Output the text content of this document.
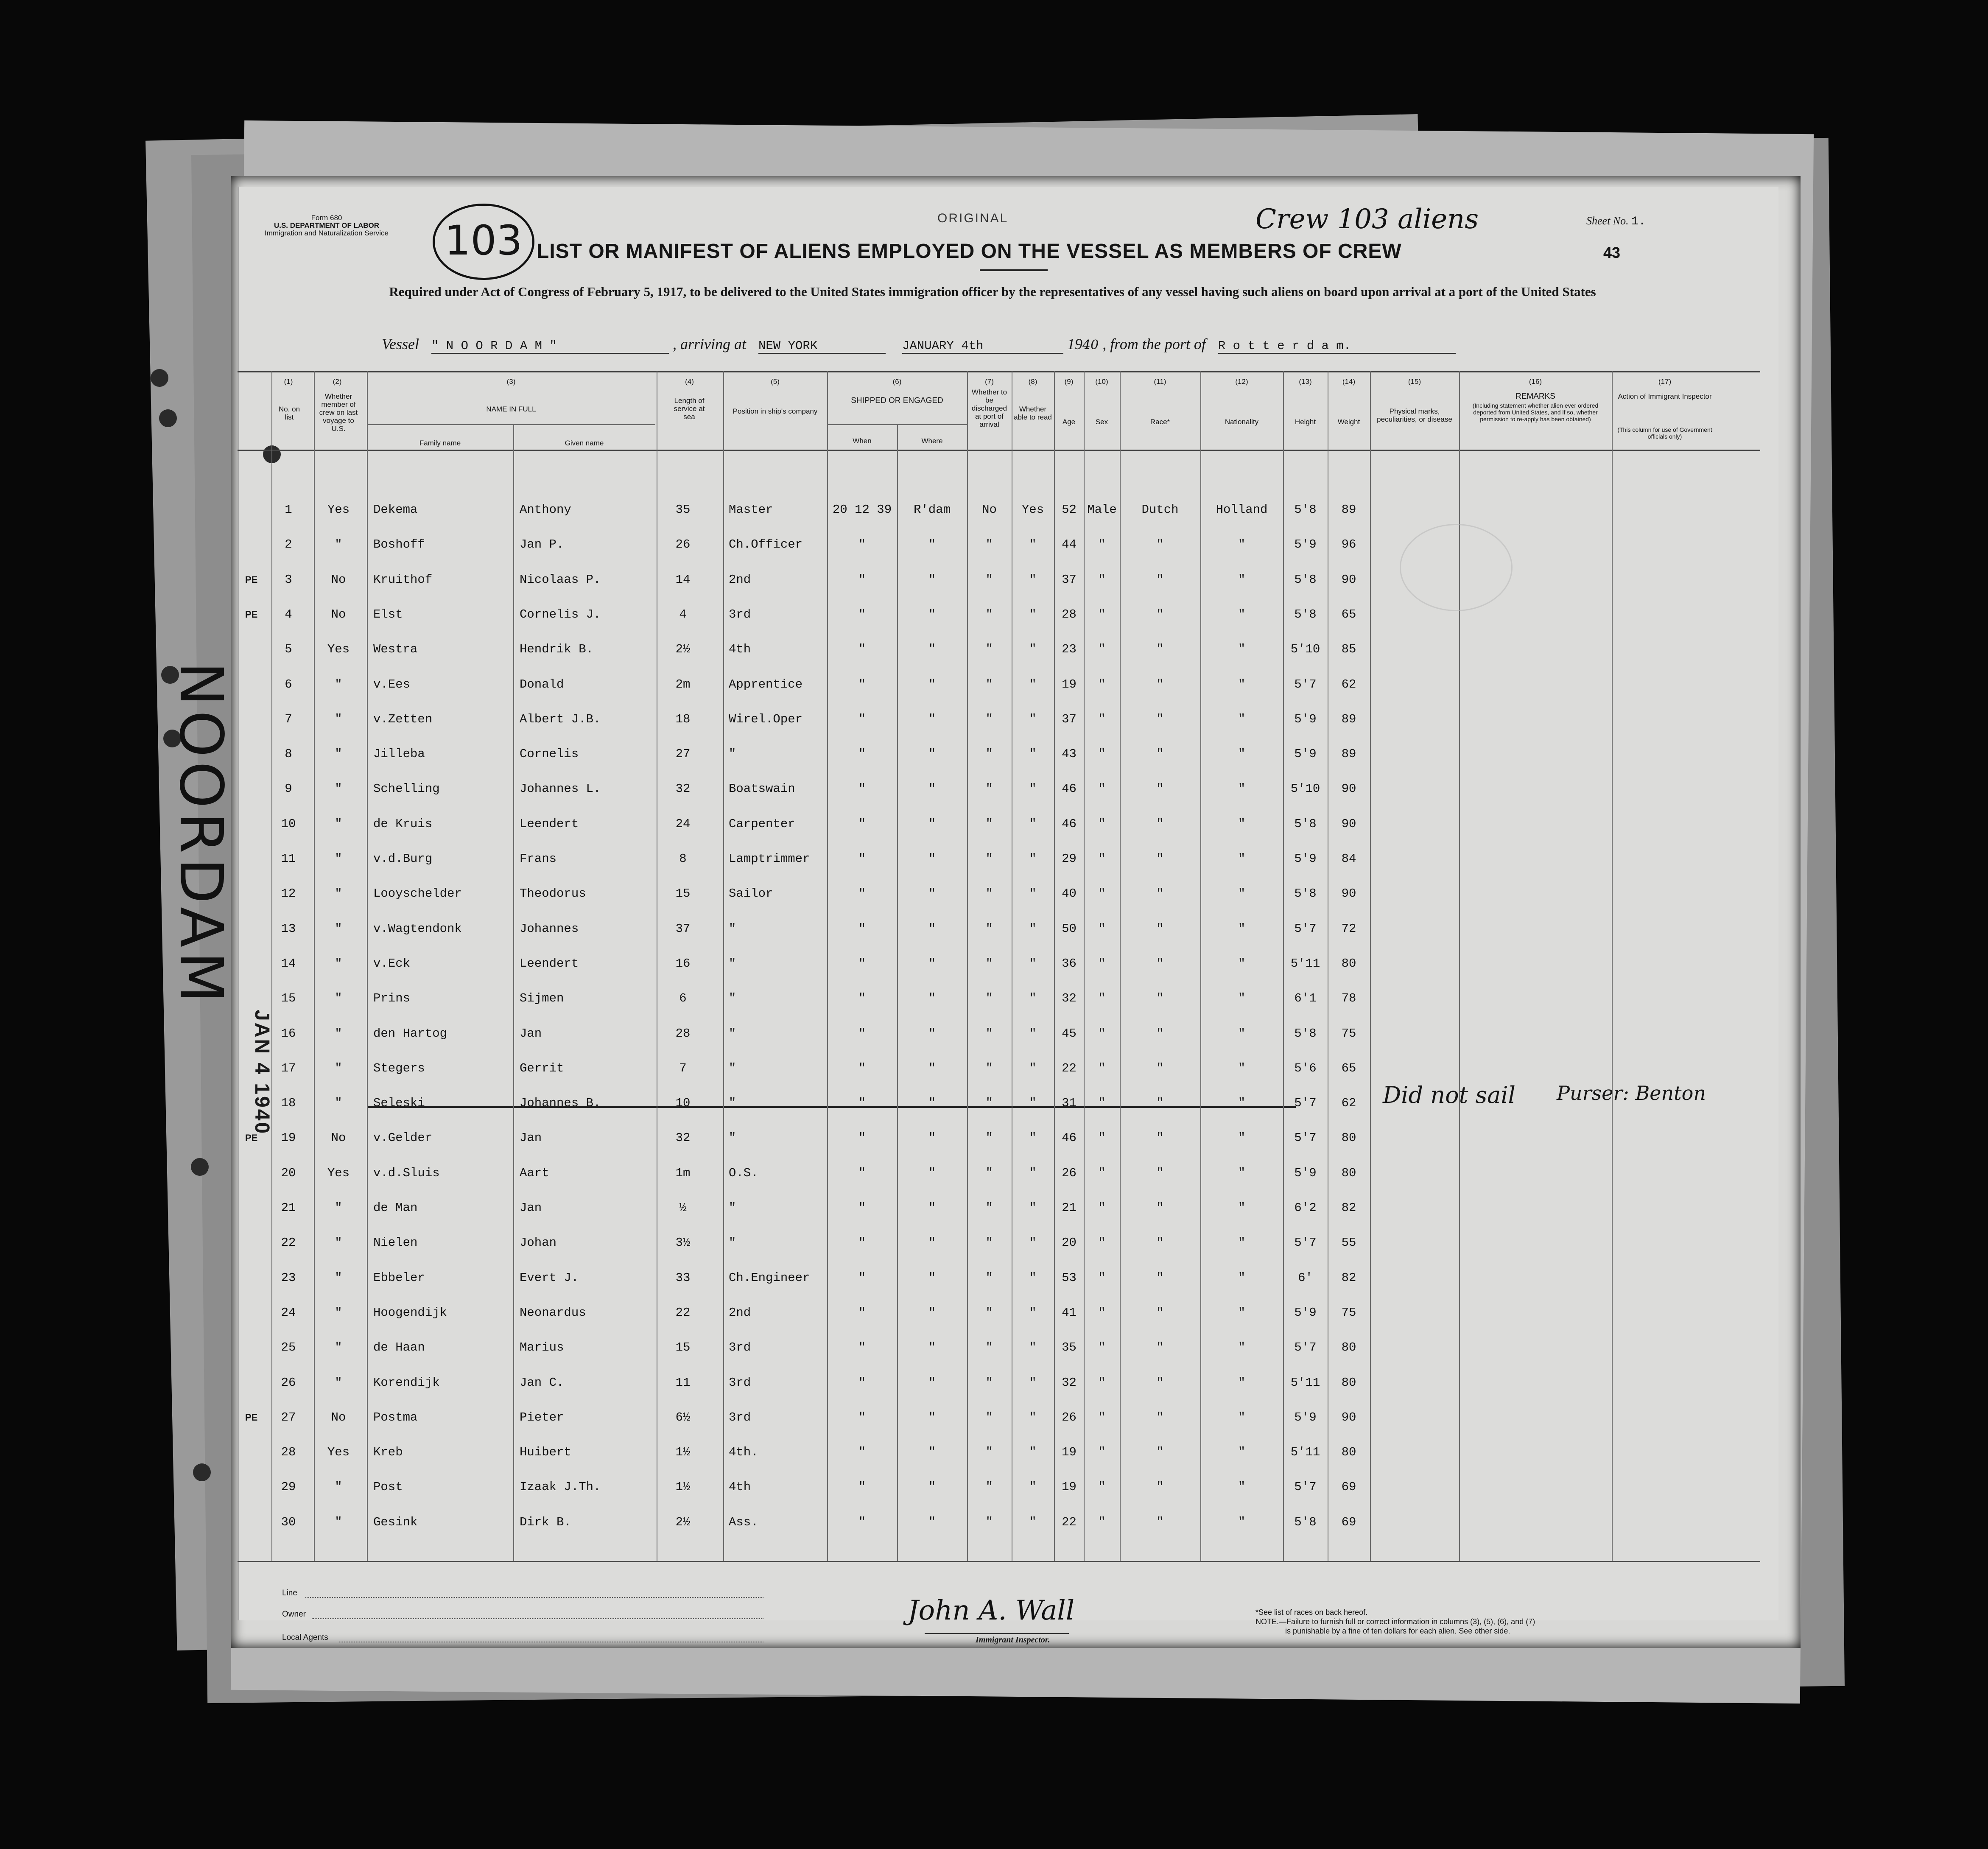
Form 680
U.S. DEPARTMENT OF LABOR
Immigration and Naturalization Service 103	ORIGINAL	Crew 103 aliens	Sheet No. 1.
43
LIST OR MANIFEST OF ALIENS EMPLOYED ON THE VESSEL AS MEMBERS OF CREW
Required under Act of Congress of February 5, 1917, to be delivered to the United States immigration officer by the representatives of any vessel having such aliens on board upon arrival at a port of the United States
Vessel " N O O R D A M "	, arriving at NEW YORK	JANUARY 4th	1940 , from the port of R o t t e r d a m.
(1)
No. on list
(2)
Whether member of crew on last voyage to U.S.
(3)
NAME IN FULL
Family name	Given name
(4)
Length of service at sea
(5)
Position in ship's company
(6)
SHIPPED OR ENGAGED
When	Where
(7)
Whether to be discharged at port of arrival
(8)
Whether able to read
(9)
Age
(10)
Sex
(11)
Race*
(12)
Nationality
(13)
Height
(14)
Weight
(15)
Physical marks, peculiarities, or disease
(16)
REMARKS
(Including statement whether alien ever ordered deported from United States, and if so, whether permission to re-apply has been obtained)
(17)
Action of Immigrant Inspector
(This column for use of Government officials only)
1	Yes	Dekema	Anthony	35	Master	20 12 39	R'dam	No	Yes	52 Male	Dutch	Holland	5'8	89
2	"	Boshoff	Jan P.	26	Ch.Officer	"	"	"	"	44	"	"	"	5'9	96
3	No	Kruithof	Nicolaas P.	14	2nd	"	"	"	"	37	"	"	"	5'8	90
PE
4	No	Elst	Cornelis J.	4	3rd	"	"	"	"	28	"	"	"	5'8	65
PE
5	Yes	Westra	Hendrik B.	2½	4th	"	"	"	"	23	"	"	"	5'10	85
6	"	v.Ees	Donald	2m	Apprentice	"	"	"	"	19	"	"	"	5'7	62
7	"	v.Zetten	Albert J.B.	18	Wirel.Oper	"	"	"	"	37	"	"	"	5'9	89
8	"	Jilleba	Cornelis	27	"	"	"	"	"	43	"	"	"	5'9	89
9	"	Schelling	Johannes L.	32	Boatswain	"	"	"	"	46	"	"	"	5'10	90
10	"	de Kruis	Leendert	24	Carpenter	"	"	"	"	46	"	"	"	5'8	90
11	"	v.d.Burg	Frans	8	Lamptrimmer	"	"	"	"	29	"	"	"	5'9	84
12	"	Looyschelder	Theodorus	15	Sailor	"	"	"	"	40	"	"	"	5'8	90
13	"	v.Wagtendonk	Johannes	37	"	"	"	"	"	50	"	"	"	5'7	72
14	"	v.Eck	Leendert	16	"	"	"	"	"	36	"	"	"	5'11	80
15	"	Prins	Sijmen	6	"	"	"	"	"	32	"	"	"	6'1	78
16	"	den Hartog	Jan	28	"	"	"	"	"	45	"	"	"	5'8	75
17	"	Stegers	Gerrit	7	"	"	"	"	"	22	"	"	"	5'6	65
18	"	Seleski	Johannes B.	10	"	"	"	"	"	31	"	"	"	5'7	62
19	No	v.Gelder	Jan	32	"	"	"	"	"	46	"	"	"	5'7	80
PE
20	Yes	v.d.Sluis	Aart	1m	O.S.	"	"	"	"	26	"	"	"	5'9	80
21	"	de Man	Jan	½	"	"	"	"	"	21	"	"	"	6'2	82
22	"	Nielen	Johan	3½	"	"	"	"	"	20	"	"	"	5'7	55
23	"	Ebbeler	Evert J.	33	Ch.Engineer	"	"	"	"	53	"	"	"	6'	82
24	"	Hoogendijk	Neonardus	22	2nd	"	"	"	"	41	"	"	"	5'9	75
25	"	de Haan	Marius	15	3rd	"	"	"	"	35	"	"	"	5'7	80
26	"	Korendijk	Jan C.	11	3rd	"	"	"	"	32	"	"	"	5'11	80
27	No	Postma	Pieter	6½	3rd	"	"	"	"	26	"	"	"	5'9	90
PE
28	Yes	Kreb	Huibert	1½	4th.	"	"	"	"	19	"	"	"	5'11	80
29	"	Post	Izaak J.Th.	1½	4th	"	"	"	"	19	"	"	"	5'7	69
30	"	Gesink	Dirk B.	2½	Ass.	"	"	"	"	22	"	"	"	5'8	69
Did not sail Purser: Benton
NOORDAM
JAN 4 1940
Line
Owner
Local Agents
John A. Wall
Immigrant Inspector.
*See list of races on back hereof.
NOTE.—Failure to furnish full or correct information in columns (3), (5), (6), and (7)
is punishable by a fine of ten dollars for each alien. See other side.
